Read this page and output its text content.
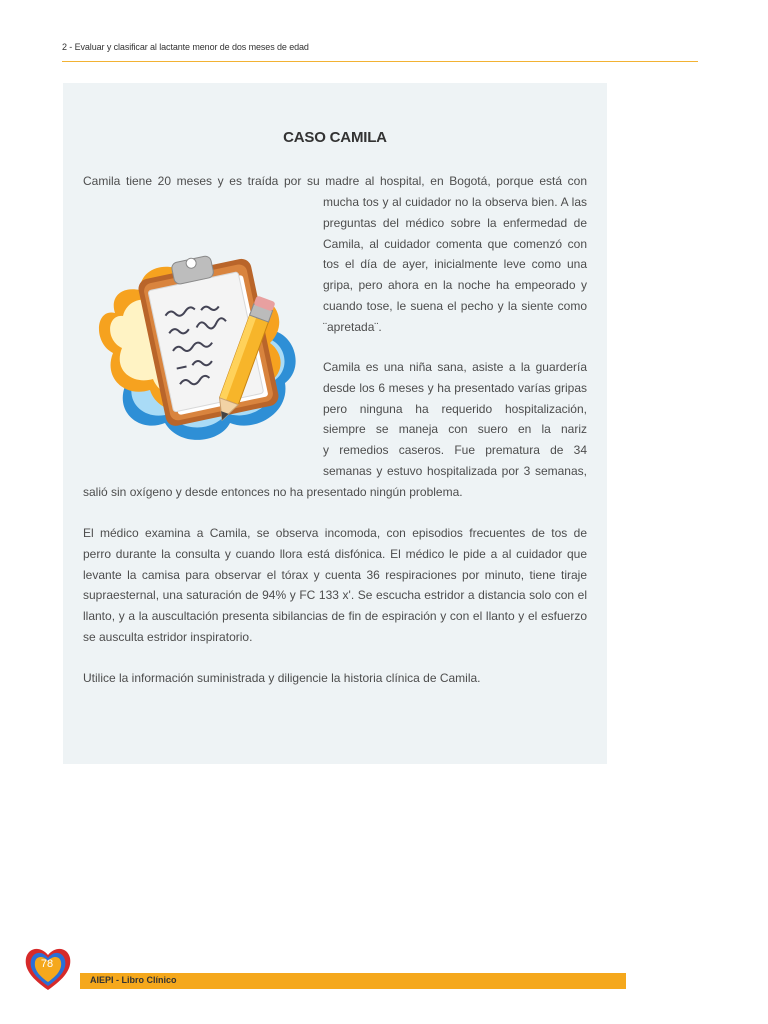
2 - Evaluar y clasificar al lactante menor de dos meses de edad
CASO CAMILA
Camila tiene 20 meses y es traída por su madre al hospital, en Bogotá, porque está con
mucha tos y al cuidador no la observa bien. A las
preguntas del médico sobre la enfermedad de
Camila, al cuidador comenta que comenzó con
tos el día de ayer, inicialmente leve como una
gripa, pero ahora en la noche ha empeorado y
cuando tose, le suena el pecho y la siente como
¨apretada¨.
Camila es una niña sana, asiste a la guardería
desde los 6 meses y ha presentado varías gripas
pero ninguna ha requerido hospitalización,
siempre se maneja con suero en la nariz
y remedios caseros. Fue prematura de 34
semanas y estuvo hospitalizada por 3 semanas,
salió sin oxígeno y desde entonces no ha presentado ningún problema.
El médico examina a Camila, se observa incomoda, con episodios frecuentes de tos de
perro durante la consulta y cuando llora está disfónica. El médico le pide a al cuidador que
levante la camisa para observar el tórax y cuenta 36 respiraciones por minuto, tiene tiraje
supraesternal, una saturación de 94% y FC 133 x'. Se escucha estridor a distancia solo con el
llanto, y a la auscultación presenta sibilancias de fin de espiración y con el llanto y el esfuerzo
se ausculta estridor inspiratorio.
Utilice la información suministrada y diligencie la historia clínica de Camila.
78
AIEPI - Libro Clínico
